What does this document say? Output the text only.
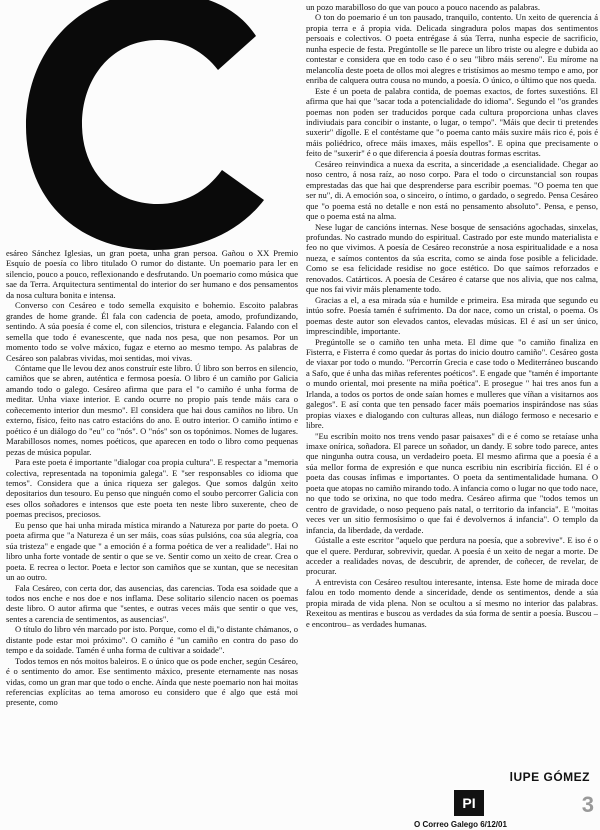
esáreo Sánchez Iglesias, un gran poeta, unha gran persoa. Gañou o XX Premio Esquío de poesía co libro titulado O rumor do distante. Un poemario para ler en silencio, pouco a pouco, reflexionando e desfrutando. Un poemario como música que sae da Terra. Arquitectura sentimental do interior do ser humano e dos pensamentos da nosa cultura bonita e intensa.

Converso con Cesáreo e todo semella exquisito e bohemio. Escoito palabras grandes de home grande. Él fala con cadencia de poeta, amodo, profundizando, sentindo. A súa poesía é come el, con silencios, tristura e elegancia. Falando con el semella que todo é evanescente, que nada nos pesa, que non pesamos. Por un momento todo se volve máxico, fugaz e eterno ao mesmo tempo. As palabras de Cesáreo son palabras vividas, moi sentidas, moi vivas.

Cóntame que lle levou dez anos construír este libro. Ú libro son berros en silencio, camiños que se abren, auténtica e fermosa poesía. O libro é un camiño por Galicia amando todo o galego. Cesáreo afirma que para el "o camiño é unha forma de meditar. Unha viaxe interior. E cando ocurre no propio país tende máis cara o coñecemento interior dun mesmo". El considera que hai dous camiños no libro. Un externo, físico, feito nas catro estacións do ano. E outro interior. O camiño íntimo e poético é un diálogo do "eu" co "nós". O "nós" son os topónimos. Nomes de lugares. Marabillosos nomes, nomes poéticos, que aparecen en todo o libro como pequenas pezas de música popular.

Para este poeta é importante "dialogar coa propia cultura". E respectar a "memoria colectiva, representada na toponimia galega". E "ser responsables co idioma que temos". Considera que a única riqueza ser galegos. Que somos dalgún xeito depositarios dun tesouro. Eu penso que ninguén como el soubo percorrer Galicia con eses ollos soñadores e intensos que este poeta ten neste libro suxerente, cheo de poemas precisos, preciosos.

Eu penso que hai unha mirada mística mirando a Natureza por parte do poeta. O poeta afirma que "a Natureza é un ser máis, coas súas pulsións, coa súa alegría, coa súa tristeza" e engade que " a emoción é a forma poética de ver a realidade". Hai no libro unha forte vontade de sentir o que se ve. Sentir como un xeito de crear. Crea o poeta. E recrea o lector. Poeta e lector son camiños que se xuntan, que se necesitan un ao outro.

Fala Cesáreo, con certa dor, das ausencias, das carencias. Toda esa soidade que a todos nos enche e nos doe e nos inflama. Dese solitario silencio nacen os poemas deste libro. O autor afirma que "sentes, e outras veces máis que sentir o que ves, sentes a carencia de sentimentos, as ausencias".

O título do libro vén marcado por isto. Porque, como el di,"o distante chámanos, o distante pode estar moi próximo". O camiño é "un camiño en contra do paso do tempo e da soidade. Tamén é unha forma de cultivar a soidade".

Todos temos en nós moitos baleiros. E o único que os pode encher, según Cesáreo, é o sentimento do amor. Ese sentimento máxico, presente eternamente nas nosas vidas, como un gran mar que todo o enche. Aínda que neste poemario non hai moitas referencias explícitas ao tema amoroso eu considero que é algo que está moi presente, como

un pozo marabilloso do que van pouco a pouco nacendo as palabras.

O ton do poemario é un ton pausado, tranquilo, contento. Un xeito de querencia á propia terra e á propia vida. Delicada singradura polos mapas dos sentimentos persoais e colectivos. O poeta entrégase á súa Terra, nunha especie de sacrificio, nunha especie de festa. Pregúntolle se lle parece un libro triste ou alegre e dubida ao contestar e considera que en todo caso é o seu "libro máis sereno". Eu mírome na melancolía deste poeta de ollos moi alegres e tristísimos ao mesmo tempo e amo, por enriba de calquera outra cousa no mundo, a poesía. O único, o último que nos queda.

Este é un poeta de palabra contida, de poemas exactos, de fortes suxestións. El afirma que hai que "sacar toda a potencialidade do idioma". Segundo el "os grandes poemas non poden ser traducidos porque cada cultura proporciona unhas claves indiviudais para concibir o instante, o lugar, o tempo". "Máis que decir ti pretendes suxerir" dígolle. E el contéstame que "o poema canto máis suxire máis rico é, pois é máis poliédrico, ofrece máis imaxes, máis espellos". E opina que precisamente o feito de "suxerir" é o que diferencia á poesía doutras formas escritas.

Cesáreo reinvindica a nuexa da escrita, a sinceridade ,a esencialidade. Chegar ao noso centro, á nosa raíz, ao noso corpo. Para el todo o circunstancial son roupas emprestadas das que hai que desprenderse para escribir poemas. "O poema ten que ser nu", di. A emoción soa, o sinceiro, o íntimo, o gardado, o segredo. Pensa Cesáreo que "o poema está no detalle e non está no pensamento absoluto". Pensa, e penso, que o poema está na alma.

Nese lugar de cancións internas. Nese bosque de sensacións agochadas, sinxelas, profundas. No castrado mundo do espiritual. Castrado por este mundo materialista e feo no que vivimos. A poesía de Cesáreo reconstrúe a nosa espiritualidade e a nosa nueza, e saímos contentos da súa escrita, como se ainda fose posible a felicidade. Como se esa felicidade residise no goce estético. Do que saímos reforzados e renovados. Catárticos. A poesía de Cesáreo é catarse que nos alivia, que nos calma, que nos fai vivir máis plenamente todo.

Gracias a el, a esa mirada súa e humilde e primeira. Esa mirada que segundo eu intúo sofre. Poesía tamén é sufrimento. Da dor nace, como un cristal, o poema. Os poemas deste autor son elevados cantos, elevadas músicas. El é así un ser único, imprescindible, importante.

Pregúntolle se o camiño ten unha meta. El dime que "o camiño finaliza en Fisterra, e Fisterra é como quedar ás portas do inicio doutro camiño". Cesáreo gosta de viaxar por todo o mundo. "Percorrín Grecia e case todo o Mediterráneo buscando a Safo, que é unha das miñas referentes poéticos". E engade que "tamén é importante o mundo oriental, moi presente na miña poética". E prosegue " hai tres anos fun a Irlanda, a todos os portos de onde saían homes e mulleres que víñan a visitarnos aos galegos". E así conta que ten pensado facer máis poemarios inspirándose nas súas propias viaxes e dialogando con culturas alleas, nun diálogo fermoso e necesario e libre.

"Eu escribín moito nos trens vendo pasar paisaxes" di e é como se retaíase unha imaxe onírica, soñadora. El parece un soñador, un dandy. E sobre todo parece, antes que ningunha outra cousa, un verdadeiro poeta. El mesmo afirma que a poesía é a súa mellor forma de expresión e que nunca escribiu nin escribiría ficción. El é o poeta das cousas ínfimas e importantes. O poeta da sentimentalidade humana. O poeta que atopas no camiño mirando todo. A infancia como o lugar no que todo nace, no que todo se orixina, no que todo medra. Cesáreo afirma que "todos temos un centro de gravidade, o noso pequeno país natal, o territorio da infancia". E "moitas veces ver un sitio fermosísimo o que fai é devolvernos á infancia". O templo da infancia, da liberdade, da verdade.

Gústalle a este escritor "aquelo que perdura na poesía, que a sobrevive". E iso é o que el quere. Perdurar, sobrevivir, quedar. A poesía é un xeito de negar a morte. De acceder a realidades novas, de descubrir, de aprender, de coñecer, de revelar, de procurar.

A entrevista con Cesáreo resultou interesante, intensa. Este home de mirada doce falou en todo momento dende a sinceridade, dende os sentimentos, dende a súa propia mirada de vida plena. Non se ocultou a sí mesmo no interior das palabras. Rexeitou as mentiras e buscou as verdades da súa forma de sentir a poesía. Buscou –e encontrou– as verdades humanas.

lUPE GÓMEZ
PI	3
O Correo Galego 6/12/01
